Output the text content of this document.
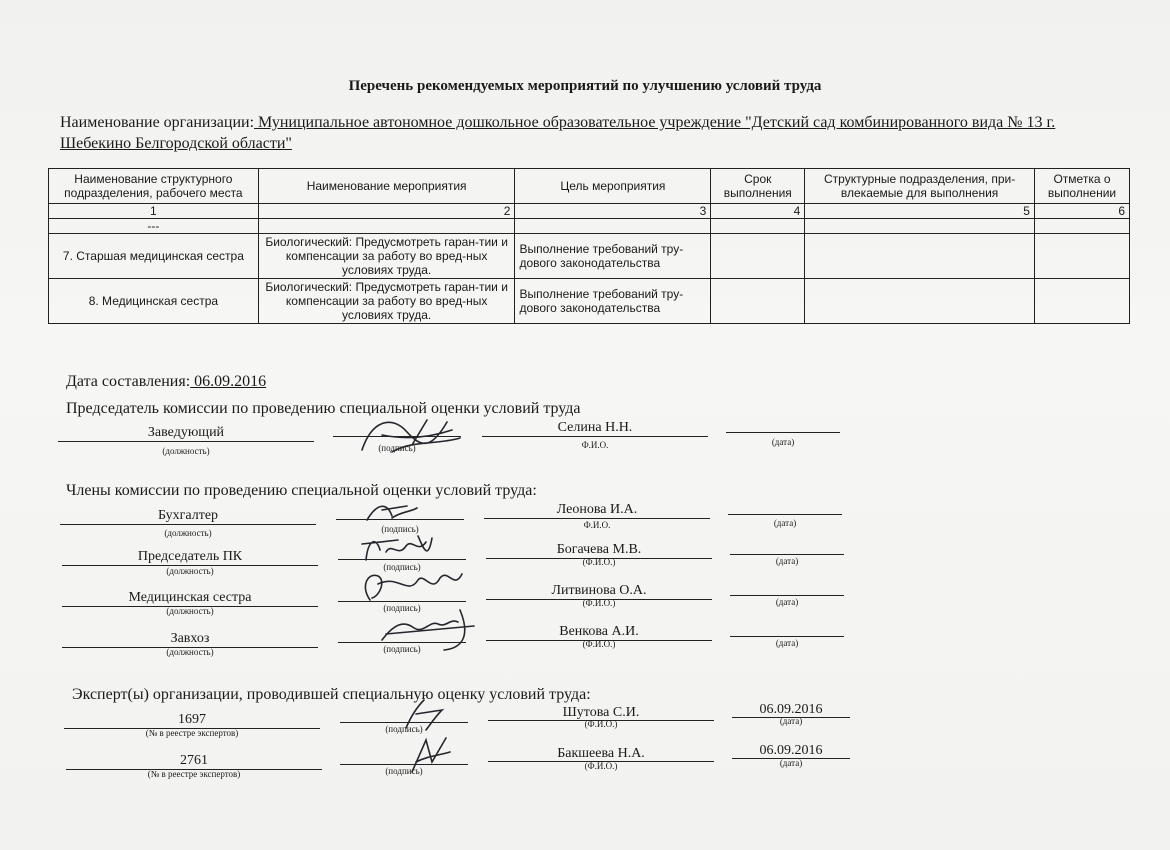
Перечень рекомендуемых мероприятий по улучшению условий труда
Наименование организации: Муниципальное автономное дошкольное образовательное учреждение "Детский сад комбинированного вида № 13 г. Шебекино Белгородской области"
Наименование структурного подразделения, рабочего места	Наименование мероприятия	Цель мероприятия	Срок выполнения	Структурные подразделения, при-влекаемые для выполнения	Отметка о выполнении
1	2	3	4	5	6
---					
7. Старшая медицинская сестра	Биологический: Предусмотреть гаран-тии и компенсации за работу во вред-ных условиях труда.	Выполнение требований тру-дового законодательства			
8. Медицинская сестра	Биологический: Предусмотреть гаран-тии и компенсации за работу во вред-ных условиях труда.	Выполнение требований тру-дового законодательства			
Дата составления: 06.09.2016
Председатель комиссии по проведению специальной оценки условий труда
Заведующий
(должность)	(подпись)
Селина Н.Н.
Ф.И.О.	(дата)
Члены комиссии по проведению специальной оценки условий труда:
Бухгалтер
(должность)	(подпись)
Леонова И.А.
Ф.И.О.	(дата)
Председатель ПК
(должность)	(подпись)
Богачева М.В.
(Ф.И.О.)	(дата)
Медицинская сестра
(должность)	(подпись)
Литвинова О.А.
(Ф.И.О.)	(дата)
Завхоз
(должность)	(подпись)
Венкова А.И.
(Ф.И.О.)	(дата)
Эксперт(ы) организации, проводившей специальную оценку условий труда:
1697
(№ в реестре экспертов)	(подпись)
Шутова С.И.
(Ф.И.О.)
06.09.2016
(дата)
2761
(№ в реестре экспертов)	(подпись)
Бакшеева Н.А.
(Ф.И.О.)
06.09.2016
(дата)
